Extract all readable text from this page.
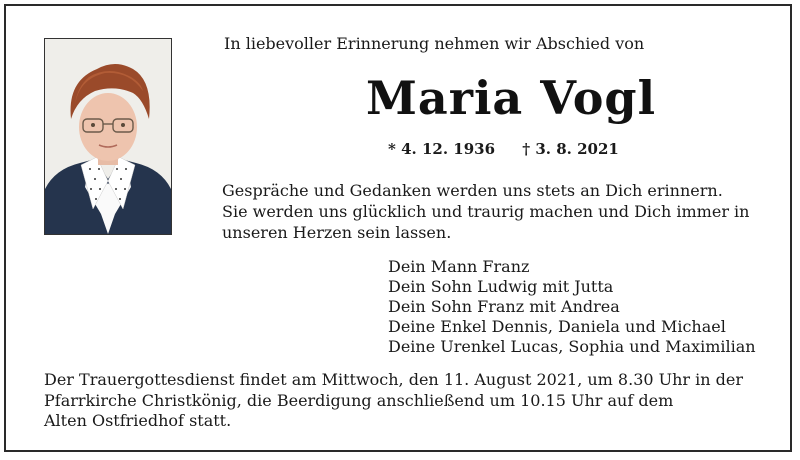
In liebevoller Erinnerung nehmen wir Abschied von
Maria Vogl
* 4. 12. 1936 † 3. 8. 2021
Gespräche und Gedanken werden uns stets an Dich erinnern.
Sie werden uns glücklich und traurig machen und Dich immer in
unseren Herzen sein lassen.
Dein Mann Franz
Dein Sohn Ludwig mit Jutta
Dein Sohn Franz mit Andrea
Deine Enkel Dennis, Daniela und Michael
Deine Urenkel Lucas, Sophia und Maximilian
Der Trauergottesdienst findet am Mittwoch, den 11. August 2021, um 8.30 Uhr in der
Pfarrkirche Christkönig, die Beerdigung anschließend um 10.15 Uhr auf dem
Alten Ostfriedhof statt.
